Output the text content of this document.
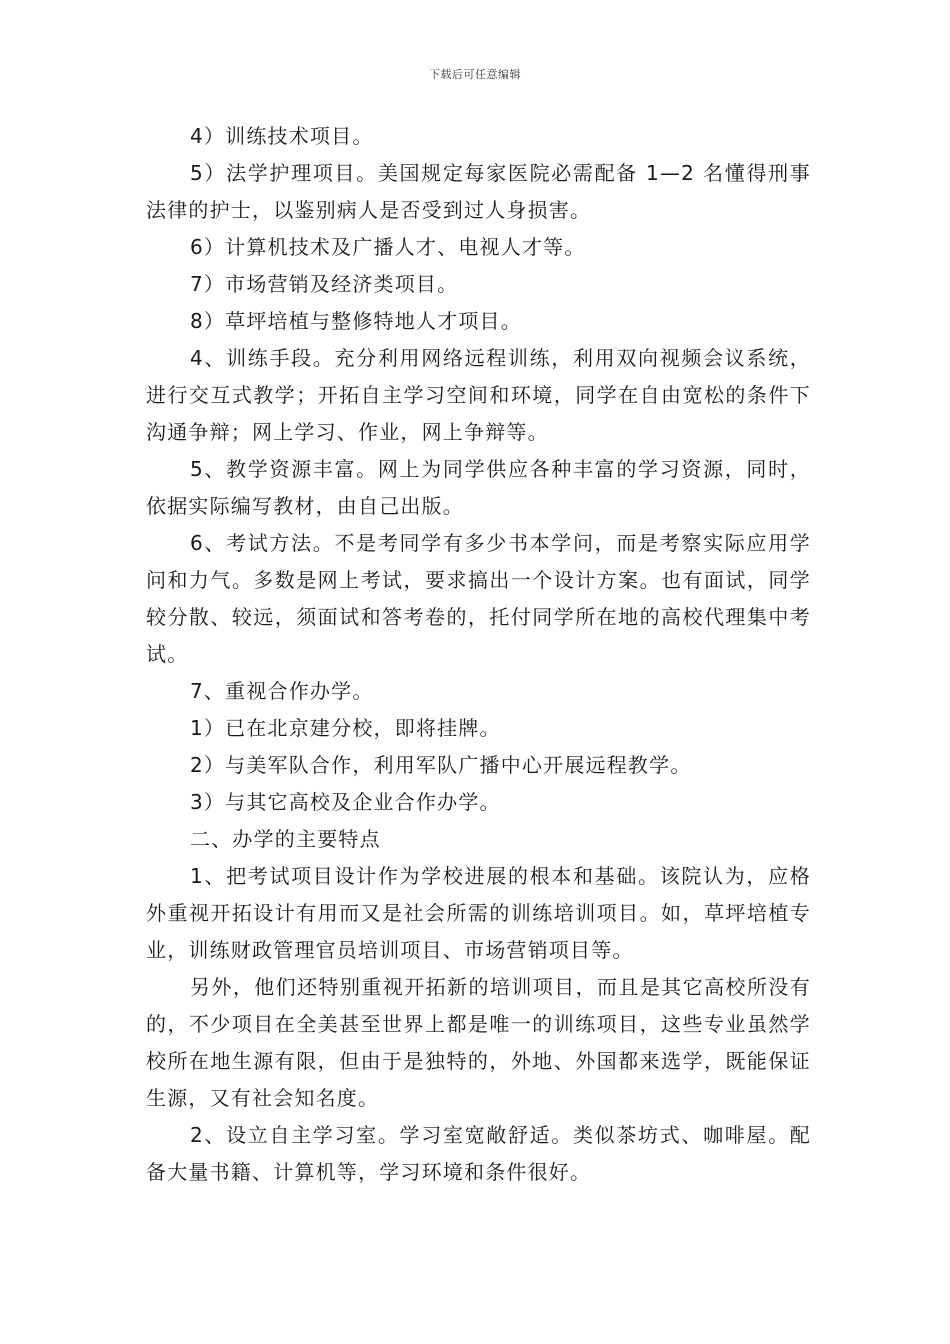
下载后可任意编辑

4）训练技术项目。

5）法学护理项目。美国规定每家医院必需配备 1—2 名懂得刑事法律的护士，以鉴别病人是否受到过人身损害。

6）计算机技术及广播人才、电视人才等。

7）市场营销及经济类项目。

8）草坪培植与整修特地人才项目。

4、训练手段。充分利用网络远程训练，利用双向视频会议系统，进行交互式教学；开拓自主学习空间和环境，同学在自由宽松的条件下沟通争辩；网上学习、作业，网上争辩等。

5、教学资源丰富。网上为同学供应各种丰富的学习资源，同时，依据实际编写教材，由自己出版。

6、考试方法。不是考同学有多少书本学问，而是考察实际应用学问和力气。多数是网上考试，要求搞出一个设计方案。也有面试，同学较分散、较远，须面试和答考卷的，托付同学所在地的高校代理集中考试。

7、重视合作办学。

1）已在北京建分校，即将挂牌。

2）与美军队合作，利用军队广播中心开展远程教学。

3）与其它高校及企业合作办学。

二、办学的主要特点

1、把考试项目设计作为学校进展的根本和基础。该院认为，应格外重视开拓设计有用而又是社会所需的训练培训项目。如，草坪培植专业，训练财政管理官员培训项目、市场营销项目等。

另外，他们还特别重视开拓新的培训项目，而且是其它高校所没有的，不少项目在全美甚至世界上都是唯一的训练项目，这些专业虽然学校所在地生源有限，但由于是独特的，外地、外国都来选学，既能保证生源，又有社会知名度。

2、设立自主学习室。学习室宽敞舒适。类似茶坊式、咖啡屋。配备大量书籍、计算机等，学习环境和条件很好。
